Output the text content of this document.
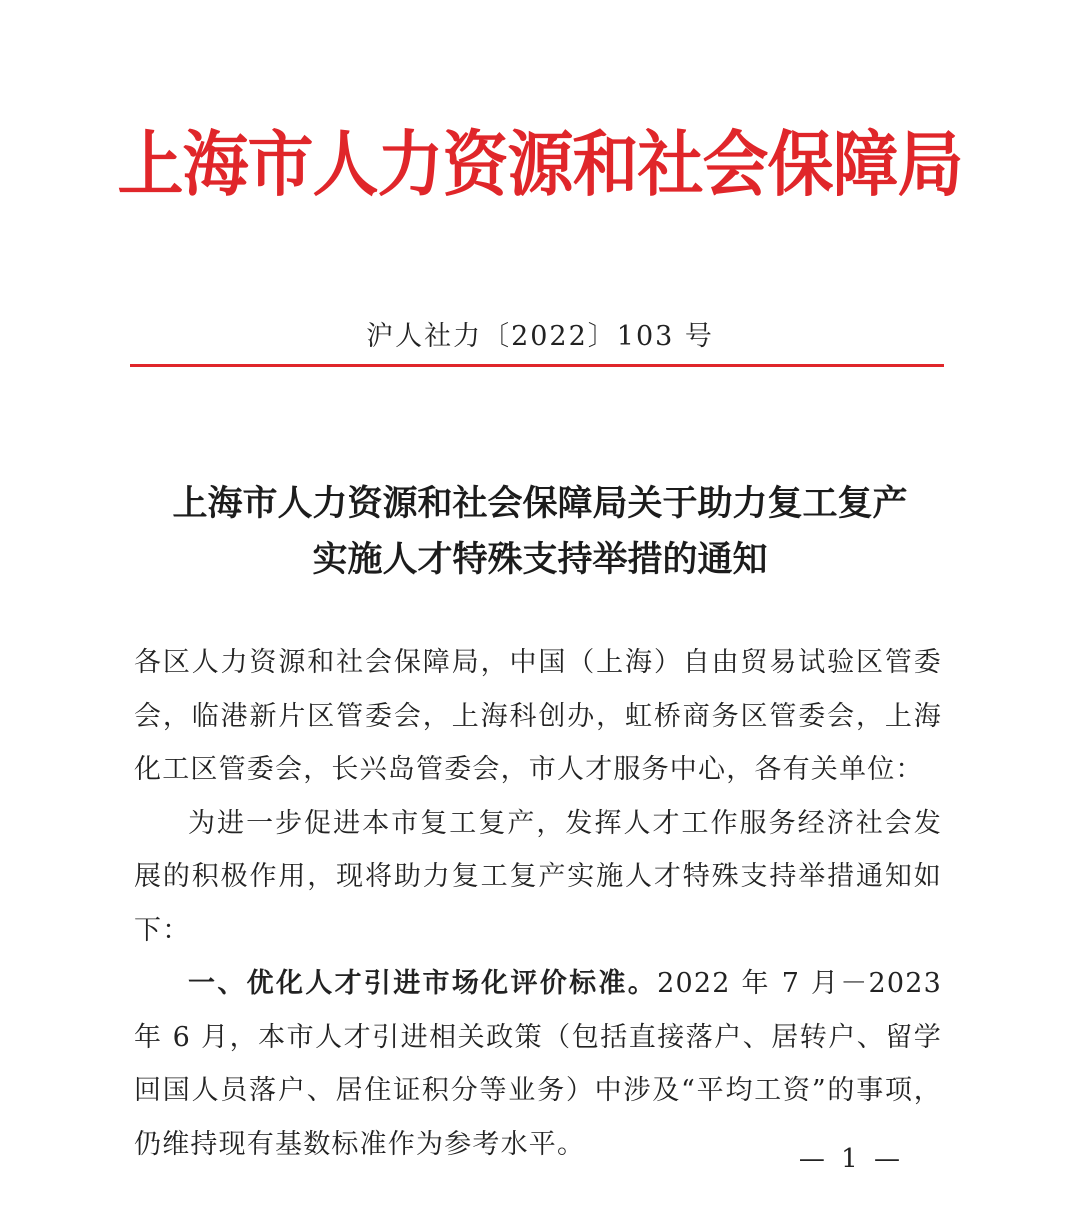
上海市人力资源和社会保障局
沪人社力〔2022〕103 号
上海市人力资源和社会保障局关于助力复工复产
实施人才特殊支持举措的通知

各区人力资源和社会保障局，中国（上海）自由贸易试验区管委会，临港新片区管委会，上海科创办，虹桥商务区管委会，上海化工区管委会，长兴岛管委会，市人才服务中心，各有关单位：

为进一步促进本市复工复产，发挥人才工作服务经济社会发展的积极作用，现将助力复工复产实施人才特殊支持举措通知如下：

一、优化人才引进市场化评价标准。2022 年 7 月－2023 年 6 月，本市人才引进相关政策（包括直接落户、居转户、留学回国人员落户、居住证积分等业务）中涉及“平均工资”的事项，仍维持现有基数标准作为参考水平。	— 1 —
